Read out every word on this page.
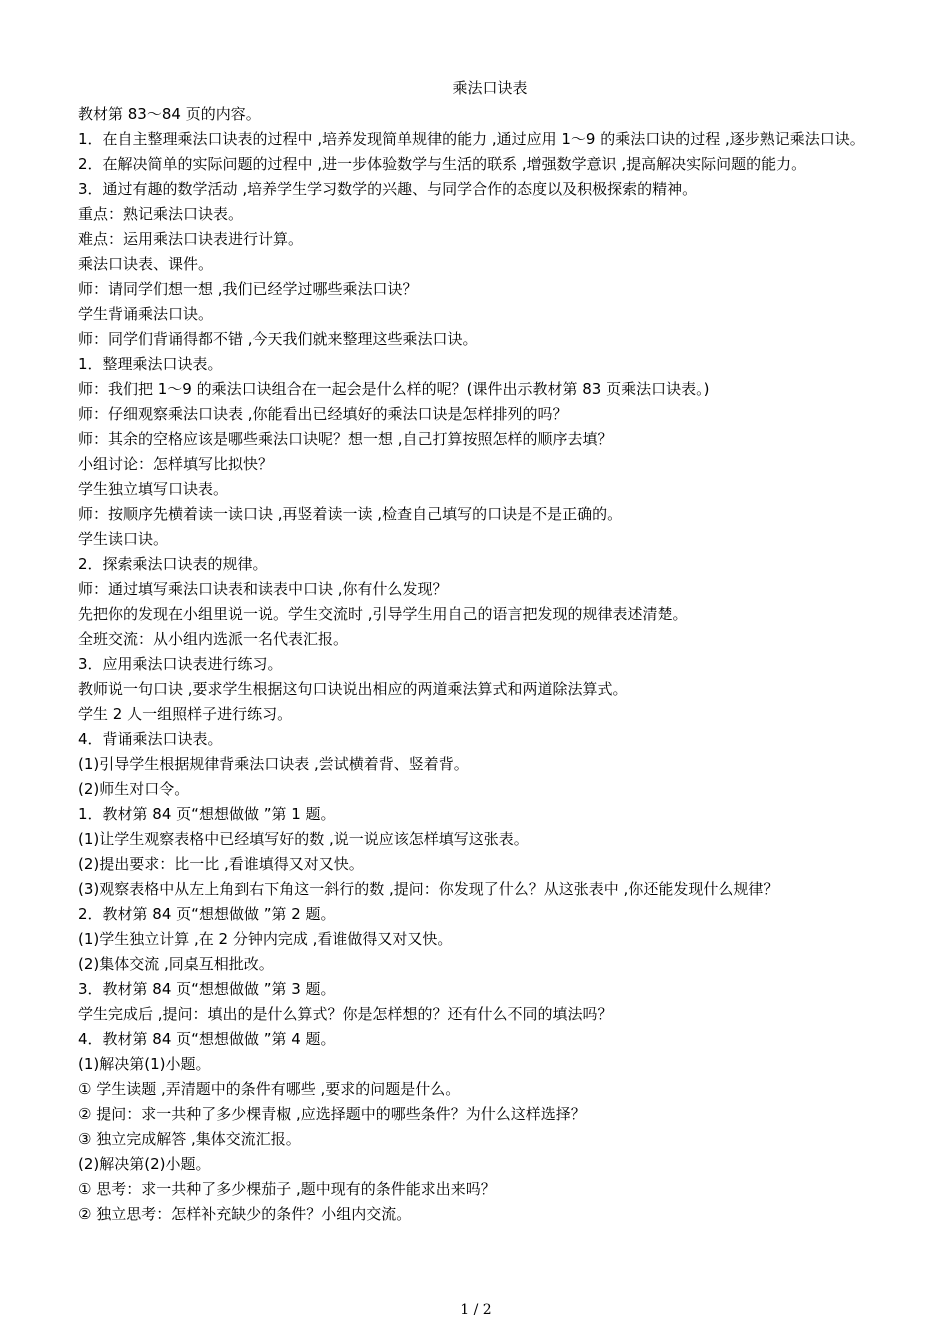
乘法口诀表

教材第 83～84 页的内容。

1．在自主整理乘法口诀表的过程中 ,培养发现简单规律的能力 ,通过应用 1～9 的乘法口诀的过程 ,逐步熟记乘法口诀。

2．在解决简单的实际问题的过程中 ,进一步体验数学与生活的联系 ,增强数学意识 ,提高解决实际问题的能力。

3．通过有趣的数学活动 ,培养学生学习数学的兴趣、与同学合作的态度以及积极探索的精神。

重点：熟记乘法口诀表。

难点：运用乘法口诀表进行计算。

乘法口诀表、课件。

师：请同学们想一想 ,我们已经学过哪些乘法口诀？

学生背诵乘法口诀。

师：同学们背诵得都不错 ,今天我们就来整理这些乘法口诀。

1．整理乘法口诀表。

师：我们把 1～9 的乘法口诀组合在一起会是什么样的呢？(课件出示教材第 83 页乘法口诀表。)

师：仔细观察乘法口诀表 ,你能看出已经填好的乘法口诀是怎样排列的吗？

师：其余的空格应该是哪些乘法口诀呢？想一想 ,自己打算按照怎样的顺序去填？

小组讨论：怎样填写比拟快？

学生独立填写口诀表。

师：按顺序先横着读一读口诀 ,再竖着读一读 ,检查自己填写的口诀是不是正确的。

学生读口诀。

2．探索乘法口诀表的规律。

师：通过填写乘法口诀表和读表中口诀 ,你有什么发现？

先把你的发现在小组里说一说。学生交流时 ,引导学生用自己的语言把发现的规律表述清楚。

全班交流：从小组内选派一名代表汇报。

3．应用乘法口诀表进行练习。

教师说一句口诀 ,要求学生根据这句口诀说出相应的两道乘法算式和两道除法算式。

学生 2 人一组照样子进行练习。

4．背诵乘法口诀表。

(1)引导学生根据规律背乘法口诀表 ,尝试横着背、竖着背。

(2)师生对口令。

1．教材第 84 页“想想做做 ”第 1 题。

(1)让学生观察表格中已经填写好的数 ,说一说应该怎样填写这张表。

(2)提出要求：比一比 ,看谁填得又对又快。

(3)观察表格中从左上角到右下角这一斜行的数 ,提问：你发现了什么？从这张表中 ,你还能发现什么规律？

2．教材第 84 页“想想做做 ”第 2 题。

(1)学生独立计算 ,在 2 分钟内完成 ,看谁做得又对又快。

(2)集体交流 ,同桌互相批改。

3．教材第 84 页“想想做做 ”第 3 题。

学生完成后 ,提问：填出的是什么算式？你是怎样想的？还有什么不同的填法吗？

4．教材第 84 页“想想做做 ”第 4 题。

(1)解决第(1)小题。

① 学生读题 ,弄清题中的条件有哪些 ,要求的问题是什么。

② 提问：求一共种了多少棵青椒 ,应选择题中的哪些条件？为什么这样选择？

③ 独立完成解答 ,集体交流汇报。

(2)解决第(2)小题。

① 思考：求一共种了多少棵茄子 ,题中现有的条件能求出来吗？

② 独立思考：怎样补充缺少的条件？小组内交流。

1 / 2
